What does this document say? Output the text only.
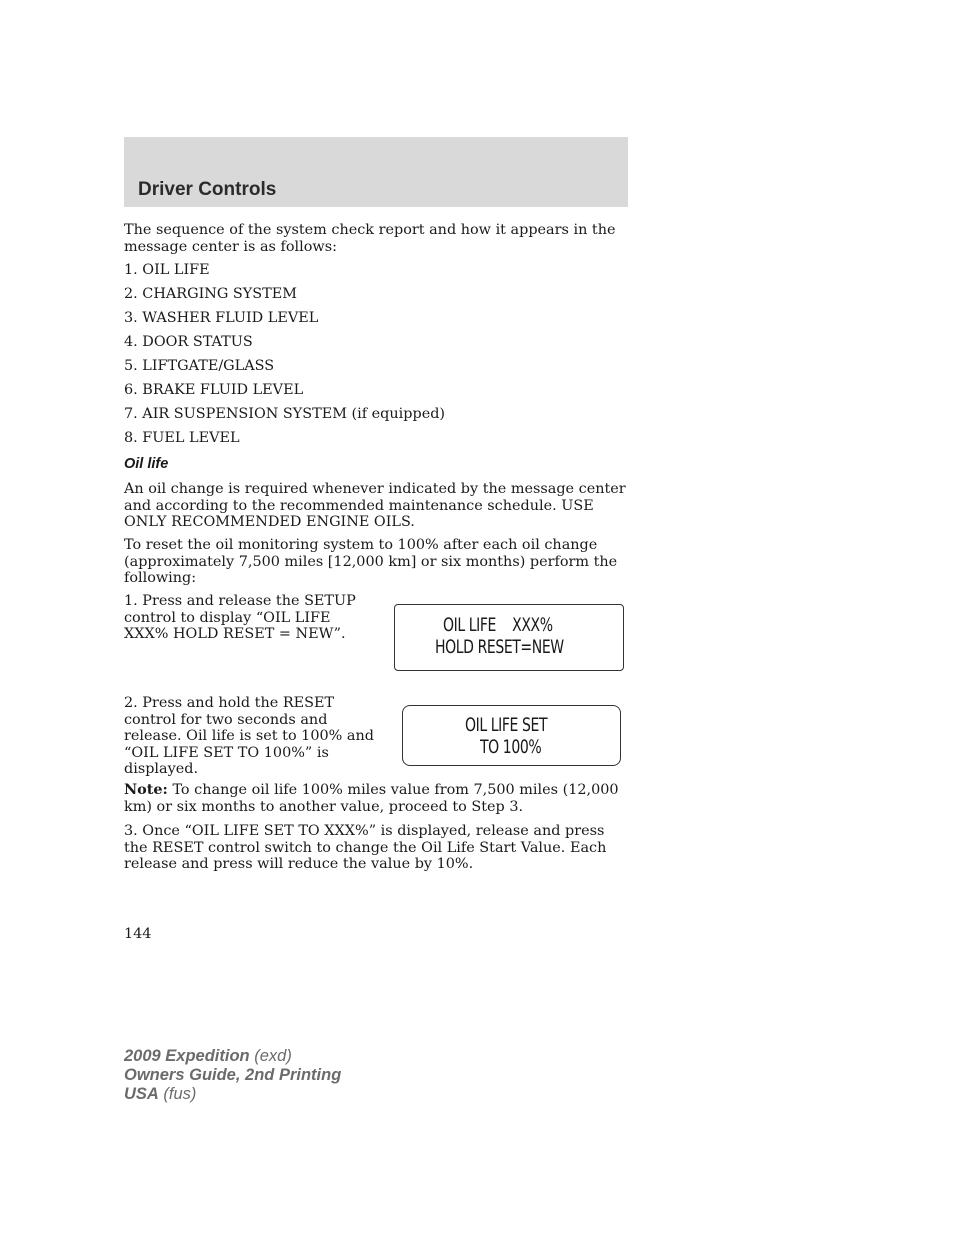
Driver Controls

The sequence of the system check report and how it appears in the message center is as follows:

1. OIL LIFE

2. CHARGING SYSTEM

3. WASHER FLUID LEVEL

4. DOOR STATUS

5. LIFTGATE/GLASS

6. BRAKE FLUID LEVEL

7. AIR SUSPENSION SYSTEM (if equipped)

8. FUEL LEVEL

Oil life

An oil change is required whenever indicated by the message center and according to the recommended maintenance schedule. USE ONLY RECOMMENDED ENGINE OILS.

To reset the oil monitoring system to 100% after each oil change (approximately 7,500 miles [12,000 km] or six months) perform the following:

1. Press and release the SETUP control to display “OIL LIFE XXX% HOLD RESET = NEW”.	OIL LIFE    XXX%
HOLD RESET=NEW

2. Press and hold the RESET control for two seconds and release. Oil life is set to 100% and “OIL LIFE SET TO 100%” is displayed.

OIL LIFE SET
TO 100%

Note: To change oil life 100% miles value from 7,500 miles (12,000 km) or six months to another value, proceed to Step 3.

3. Once “OIL LIFE SET TO XXX%” is displayed, release and press the RESET control switch to change the Oil Life Start Value. Each release and press will reduce the value by 10%.

144

2009 Expedition (exd)
Owners Guide, 2nd Printing
USA (fus)
